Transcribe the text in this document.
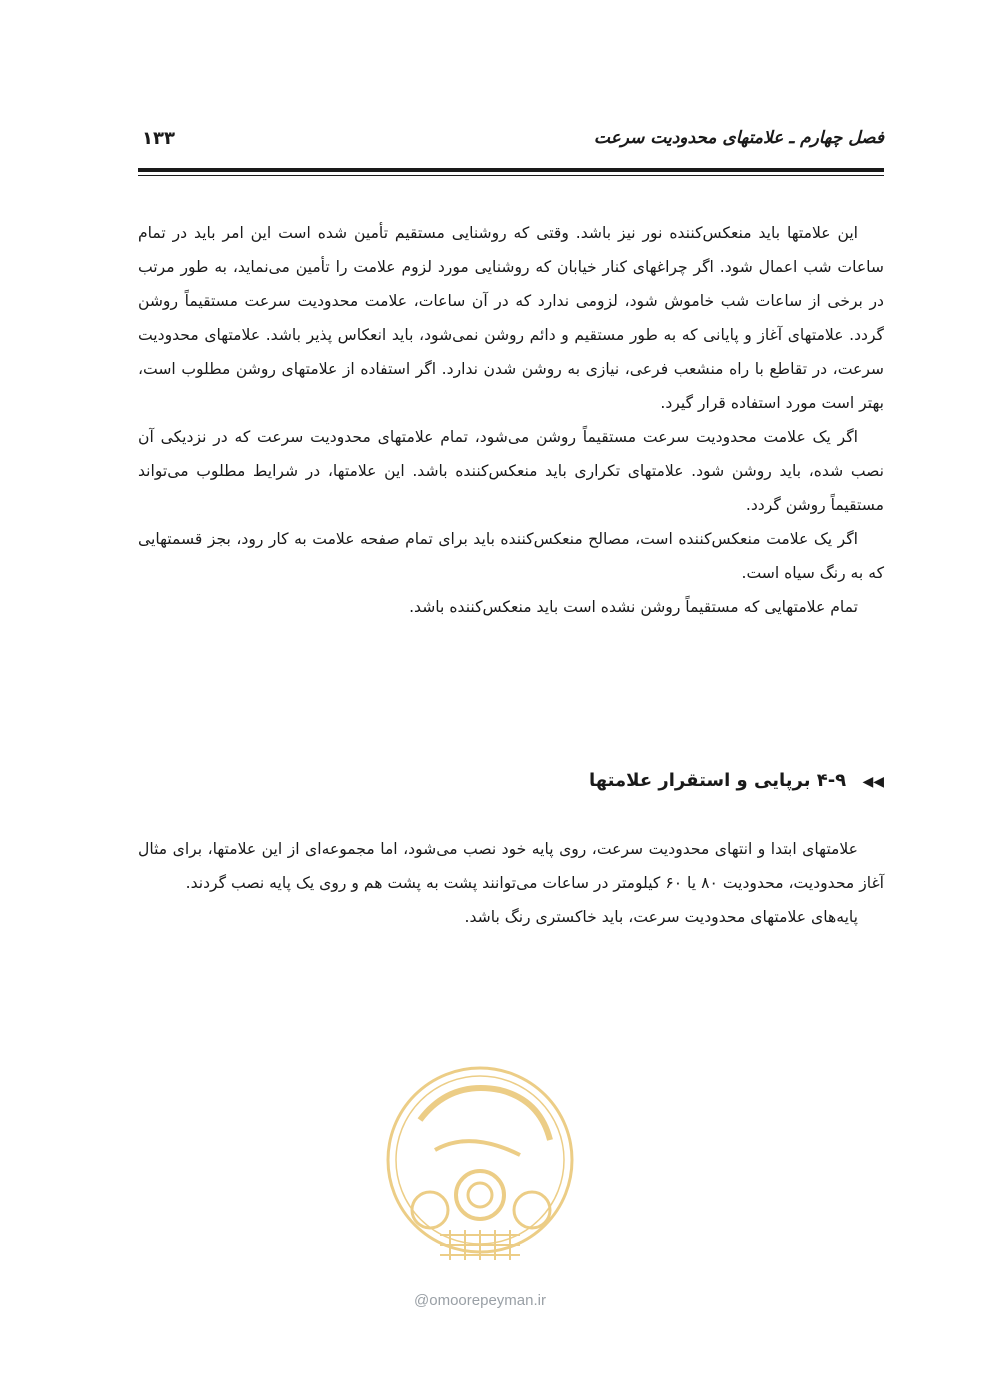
فصل چهارم ـ علامتهای محدودیت سرعت
۱۳۳

این علامتها باید منعکس‌کننده نور نیز باشد. وقتی که روشنایی مستقیم تأمین شده است این امر باید در تمام ساعات شب اعمال شود. اگر چراغهای کنار خیابان که روشنایی مورد لزوم علامت را تأمین می‌نماید، به طور مرتب در برخی از ساعات شب خاموش شود، لزومی ندارد که در آن ساعات، علامت محدودیت سرعت مستقیماً روشن گردد. علامتهای آغاز و پایانی که به طور مستقیم و دائم روشن نمی‌شود، باید انعکاس پذیر باشد. علامتهای محدودیت سرعت، در تقاطع با راه منشعب فرعی، نیازی به روشن شدن ندارد. اگر استفاده از علامتهای روشن مطلوب است، بهتر است مورد استفاده قرار گیرد.

اگر یک علامت محدودیت سرعت مستقیماً روشن می‌شود، تمام علامتهای محدودیت سرعت که در نزدیکی آن نصب شده، باید روشن شود. علامتهای تکراری باید منعکس‌کننده باشد. این علامتها، در شرایط مطلوب می‌تواند مستقیماً روشن گردد.

اگر یک علامت منعکس‌کننده است، مصالح منعکس‌کننده باید برای تمام صفحه علامت به کار رود، بجز قسمتهایی که به رنگ سیاه است.

تمام علامتهایی که مستقیماً روشن نشده است باید منعکس‌کننده باشد.

◀◀ ۴-۹ برپایی و استقرار علامتها

علامتهای ابتدا و انتهای محدودیت سرعت، روی پایه خود نصب می‌شود، اما مجموعه‌ای از این علامتها، برای مثال آغاز محدودیت، محدودیت ۸۰ یا ۶۰ کیلومتر در ساعات می‌توانند پشت به پشت هم و روی یک پایه نصب گردند.

پایه‌های علامتهای محدودیت سرعت، باید خاکستری رنگ باشد.

@omoorepeyman.ir
